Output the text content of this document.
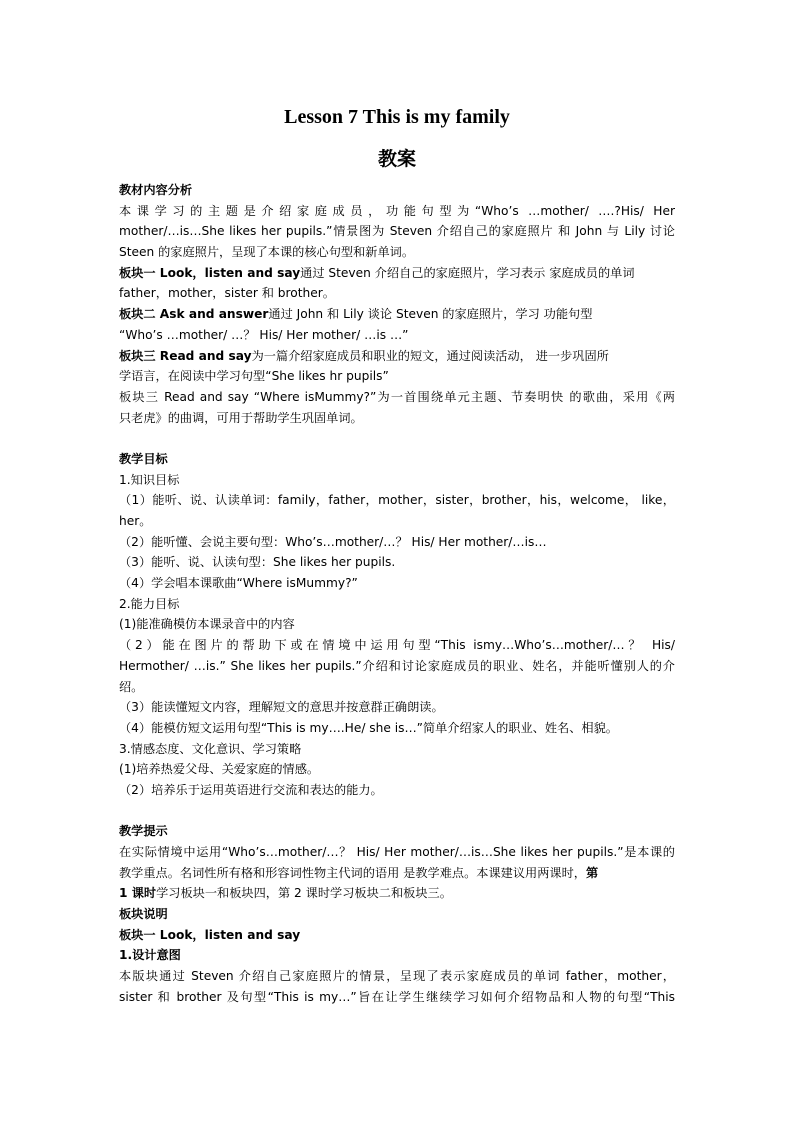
Lesson 7 This is my family
教案
教材内容分析
本课学习的主题是介绍家庭成员，功能句型为“Who’s …mother/ ….?His/ Her
mother/…is…She likes her pupils.”情景图为 Steven 介绍自己的家庭照片 和 John 与 Lily 讨论
Steen 的家庭照片，呈现了本课的核心句型和新单词。
板块一 Look，listen and say通过 Steven 介绍自己的家庭照片，学习表示 家庭成员的单词
father，mother，sister 和 brother。
板块二 Ask and answer通过 John 和 Lily 谈论 Steven 的家庭照片，学习 功能句型
“Who’s …mother/ …？ His/ Her mother/ …is …”
板块三 Read and say为一篇介绍家庭成员和职业的短文，通过阅读活动， 进一步巩固所
学语言，在阅读中学习句型“She likes hr pupils”
板块三 Read and say “Where isMummy?”为一首围绕单元主题、节奏明快 的歌曲，采用《两
只老虎》的曲调，可用于帮助学生巩固单词。
教学目标
1.知识目标
（1）能听、说、认读单词：family，father，mother，sister，brother，his，welcome， like，
her。
（2）能听懂、会说主要句型：Who’s…mother/…？ His/ Her mother/…is…
（3）能听、说、认读句型：She likes her pupils.
（4）学会唱本课歌曲“Where isMummy?”
2.能力目标
(1)能准确模仿本课录音中的内容
（2）能在图片的帮助下或在情境中运用句型“This ismy…Who’s…mother/…？ His/
Hermother/ …is.” She likes her pupils.”介绍和讨论家庭成员的职业、姓名，并能听懂别人的介
绍。
（3）能读懂短文内容，理解短文的意思并按意群正确朗读。
（4）能模仿短文运用句型“This is my….He/ she is…”简单介绍家人的职业、姓名、相貌。
3.情感态度、文化意识、学习策略
(1)培养热爱父母、关爱家庭的情感。
（2）培养乐于运用英语进行交流和表达的能力。
教学提示
在实际情境中运用“Who’s…mother/…？ His/ Her mother/…is…She likes her pupils.”是本课的
教学重点。名词性所有格和形容词性物主代词的语用 是教学难点。本课建议用两课时，第
1 课时学习板块一和板块四，第 2 课时学习板块二和板块三。
板块说明
板块一 Look，listen and say
1.设计意图
本版块通过 Steven 介绍自己家庭照片的情景，呈现了表示家庭成员的单词 father，mother，
sister 和 brother 及句型“This is my…”旨在让学生继续学习如何介绍物品和人物的句型“This
